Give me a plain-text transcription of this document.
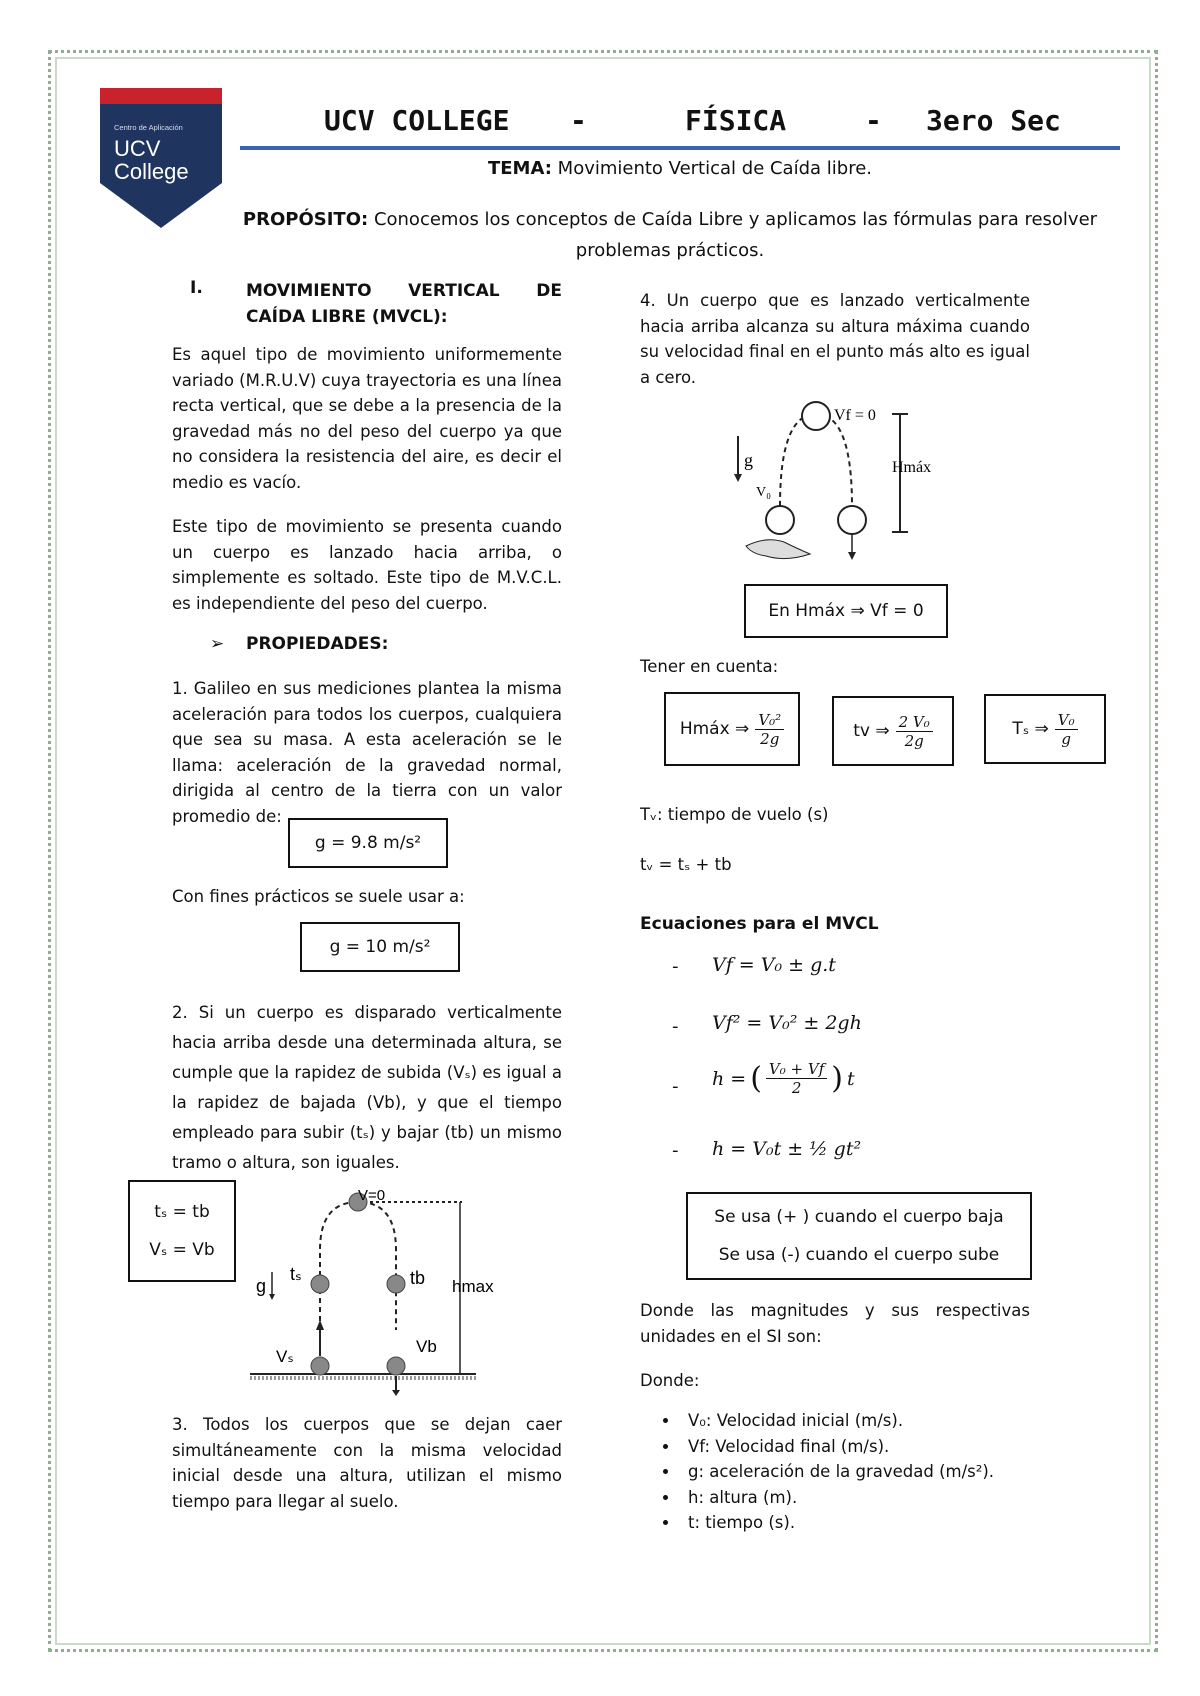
Centro de Aplicación
UCV
College
UCV COLLEGE -	FÍSICA	- 3ero Sec
TEMA: Movimiento Vertical de Caída libre.
PROPÓSITO: Conocemos los conceptos de Caída Libre y aplicamos las fórmulas para resolver problemas prácticos.
I.	MOVIMIENTO VERTICAL DE CAÍDA LIBRE (MVCL):
Es aquel tipo de movimiento uniformemente variado (M.R.U.V) cuya trayectoria es una línea recta vertical, que se debe a la presencia de la gravedad más no del peso del cuerpo ya que no considera la resistencia del aire, es decir el medio es vacío.
Este tipo de movimiento se presenta cuando un cuerpo es lanzado hacia arriba, o simplemente es soltado. Este tipo de M.V.C.L. es independiente del peso del cuerpo.
➢ PROPIEDADES:
1. Galileo en sus mediciones plantea la misma aceleración para todos los cuerpos, cualquiera que sea su masa. A esta aceleración se le llama: aceleración de la gravedad normal, dirigida al centro de la tierra con un valor promedio de:
g = 9.8 m/s²
Con fines prácticos se suele usar a:
g = 10 m/s²
2. Si un cuerpo es disparado verticalmente hacia arriba desde una determinada altura, se cumple que la rapidez de subida (Vₛ) es igual a la rapidez de bajada (Vb), y que el tiempo empleado para subir (tₛ) y bajar (tb) un mismo tramo o altura, son iguales.
tₛ = tb
Vₛ = Vb
V=0
g
tₛ	tb hmax
Vₛ
Vb
3. Todos los cuerpos que se dejan caer simultáneamente con la misma velocidad inicial desde una altura, utilizan el mismo tiempo para llegar al suelo.
4. Un cuerpo que es lanzado verticalmente hacia arriba alcanza su altura máxima cuando su velocidad final en el punto más alto es igual a cero.
Vf = 0
g
V₀
Hmáx
En Hmáx ⇒ Vf = 0
Tener en cuenta:
Hmáx ⇒ $\frac{\text{V₀²}}{2g}$	tv ⇒ $\frac{\text{2 V₀}}{2g}$	Tₛ ⇒ $\frac{\text{V₀}}{g}$
Tᵥ: tiempo de vuelo (s)
tᵥ = tₛ + tb
Ecuaciones para el MVCL
- Vf = V₀ ± g.t
- Vf² = V₀² ± 2gh
- h = ( $\frac{\text{V₀ + Vf}}{2}$ ) t
- h = V₀t ± ½ gt²
Se usa (+ ) cuando el cuerpo baja
Se usa (-) cuando el cuerpo sube
Donde las magnitudes y sus respectivas unidades en el SI son:
Donde:
• V₀: Velocidad inicial (m/s).
• Vf: Velocidad final (m/s).
• g: aceleración de la gravedad (m/s²).
• h: altura (m).
• t: tiempo (s).
